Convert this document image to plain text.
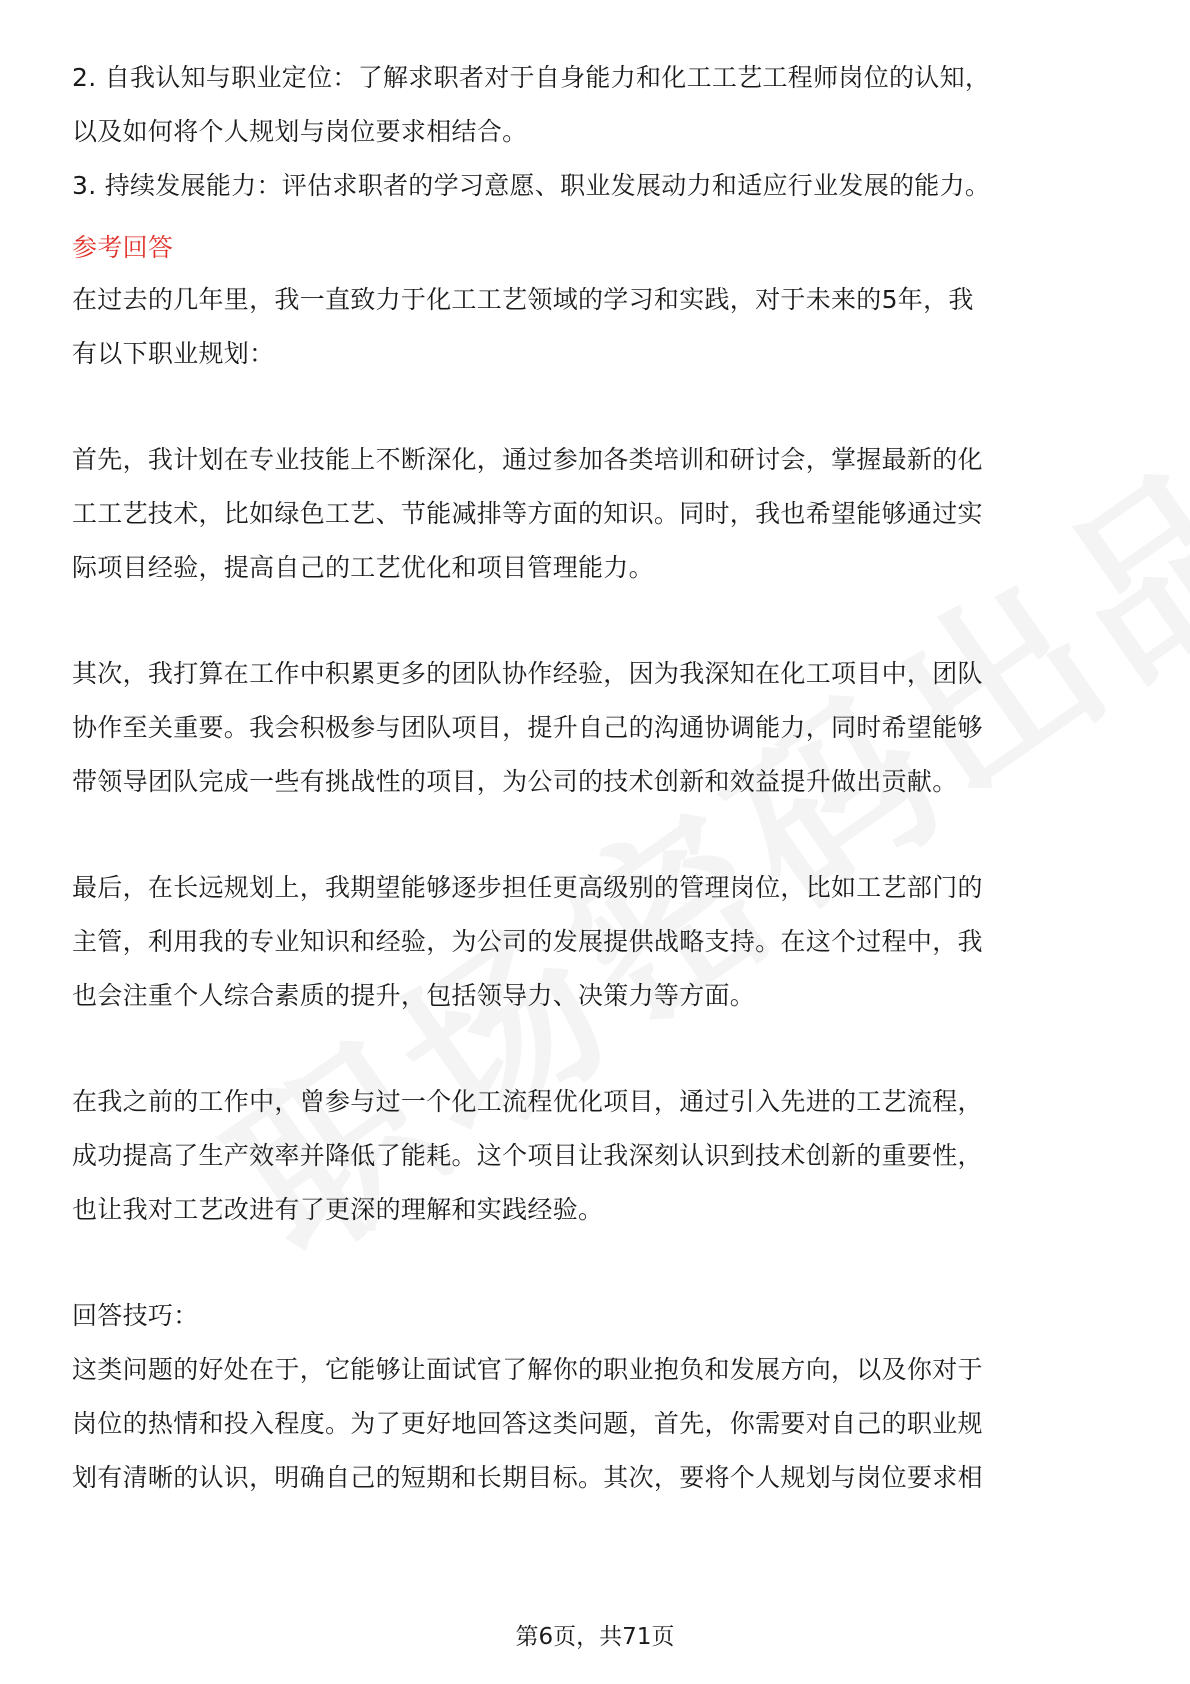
2. 自我认知与职业定位：了解求职者对于自身能力和化工工艺工程师岗位的认知，
以及如何将个人规划与岗位要求相结合。
3. 持续发展能力：评估求职者的学习意愿、职业发展动力和适应行业发展的能力。
参考回答
在过去的几年里，我一直致力于化工工艺领域的学习和实践，对于未来的5年，我
有以下职业规划：
首先，我计划在专业技能上不断深化，通过参加各类培训和研讨会，掌握最新的化
工工艺技术，比如绿色工艺、节能减排等方面的知识。同时，我也希望能够通过实
际项目经验，提高自己的工艺优化和项目管理能力。
其次，我打算在工作中积累更多的团队协作经验，因为我深知在化工项目中，团队
协作至关重要。我会积极参与团队项目，提升自己的沟通协调能力，同时希望能够
带领导团队完成一些有挑战性的项目，为公司的技术创新和效益提升做出贡献。
最后，在长远规划上，我期望能够逐步担任更高级别的管理岗位，比如工艺部门的
主管，利用我的专业知识和经验，为公司的发展提供战略支持。在这个过程中，我
也会注重个人综合素质的提升，包括领导力、决策力等方面。
在我之前的工作中，曾参与过一个化工流程优化项目，通过引入先进的工艺流程，
成功提高了生产效率并降低了能耗。这个项目让我深刻认识到技术创新的重要性，
也让我对工艺改进有了更深的理解和实践经验。
回答技巧：
这类问题的好处在于，它能够让面试官了解你的职业抱负和发展方向，以及你对于
岗位的热情和投入程度。为了更好地回答这类问题，首先，你需要对自己的职业规
划有清晰的认识，明确自己的短期和长期目标。其次，要将个人规划与岗位要求相
第6页，共71页
